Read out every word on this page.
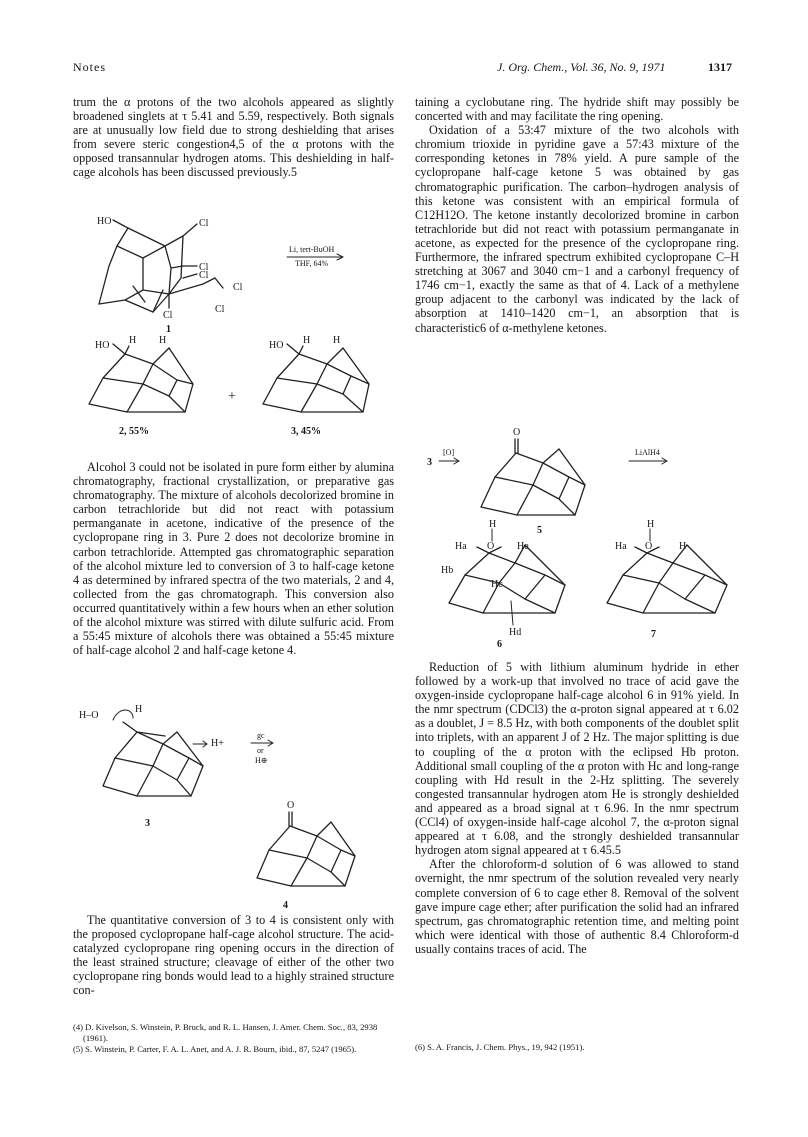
Notes	J. Org. Chem., Vol. 36, No. 9, 1971	1317

trum the α protons of the two alcohols appeared as slightly broadened singlets at τ 5.41 and 5.59, respectively. Both signals are at unusually low field due to strong deshielding that arises from severe steric congestion4,5 of the α protons with the opposed transannular hydrogen atoms. This deshielding in half-cage alcohols has been discussed previously.5

HO	Cl
Cl
Cl
Cl
Cl
Cl
1
Li, tert-BuOH
THF, 64%
HO H H
2, 55%
+
HO H H
3, 45%

Alcohol 3 could not be isolated in pure form either by alumina chromatography, fractional crystallization, or preparative gas chromatography. The mixture of alcohols decolorized bromine in carbon tetrachloride but did not react with potassium permanganate in acetone, indicative of the presence of the cyclopropane ring in 3. Pure 2 does not decolorize bromine in carbon tetrachloride. Attempted gas chromatographic separation of the alcohol mixture led to conversion of 3 to half-cage ketone 4 as determined by infrared spectra of the two materials, 2 and 4, collected from the gas chromatograph. This conversion also occurred quantitatively within a few hours when an ether solution of the alcohol mixture was stirred with dilute sulfuric acid. From a 55:45 mixture of alcohols there was obtained a 55:45 mixture of half-cage alcohol 2 and half-cage ketone 4.

H–O
H
H+
3
gc
or
H⊕
O
4

The quantitative conversion of 3 to 4 is consistent only with the proposed cyclopropane half-cage alcohol structure. The acid-catalyzed cyclopropane ring opening occurs in the direction of the least strained structure; cleavage of either of the other two cyclopropane ring bonds would lead to a highly strained structure con-

(4) D. Kivelson, S. Winstein, P. Bruck, and R. L. Hansen, J. Amer. Chem. Soc., 83, 2938 (1961).

(5) S. Winstein, P. Carter, F. A. L. Anet, and A. J. R. Bourn, ibid., 87, 5247 (1965).

taining a cyclobutane ring. The hydride shift may possibly be concerted with and may facilitate the ring opening.

Oxidation of a 53:47 mixture of the two alcohols with chromium trioxide in pyridine gave a 57:43 mixture of the corresponding ketones in 78% yield. A pure sample of the cyclopropane half-cage ketone 5 was obtained by gas chromatographic purification. The carbon–hydrogen analysis of this ketone was consistent with an empirical formula of C12H12O. The ketone instantly decolorized bromine in carbon tetrachloride but did not react with potassium permanganate in acetone, as expected for the presence of the cyclopropane ring. Furthermore, the infrared spectrum exhibited cyclopropane C–H stretching at 3067 and 3040 cm−1 and a carbonyl frequency of 1746 cm−1, exactly the same as that of 4. Lack of a methylene group adjacent to the carbonyl was indicated by the lack of absorption at 1410–1420 cm−1, an absorption that is characteristic6 of α-methylene ketones.

3
[O]
O
5
LiAlH4
H
O
Ha	He
Hb
Hc
Hd
6
H
O
Ha	H
7

Reduction of 5 with lithium aluminum hydride in ether followed by a work-up that involved no trace of acid gave the oxygen-inside cyclopropane half-cage alcohol 6 in 91% yield. In the nmr spectrum (CDCl3) the α-proton signal appeared at τ 6.02 as a doublet, J = 8.5 Hz, with both components of the doublet split into triplets, with an apparent J of 2 Hz. The major splitting is due to coupling of the α proton with the eclipsed Hb proton. Additional small coupling of the α proton with Hc and long-range coupling with Hd result in the 2-Hz splitting. The severely congested transannular hydrogen atom He is strongly deshielded and appeared as a broad signal at τ 6.96. In the nmr spectrum (CCl4) of oxygen-inside half-cage alcohol 7, the α-proton signal appeared at τ 6.08, and the strongly deshielded transannular hydrogen atom signal appeared at τ 6.45.5

After the chloroform-d solution of 6 was allowed to stand overnight, the nmr spectrum of the solution revealed very nearly complete conversion of 6 to cage ether 8. Removal of the solvent gave impure cage ether; after purification the solid had an infrared spectrum, gas chromatographic retention time, and melting point which were identical with those of authentic 8.4 Chloroform-d usually contains traces of acid. The

(6) S. A. Francis, J. Chem. Phys., 19, 942 (1951).
